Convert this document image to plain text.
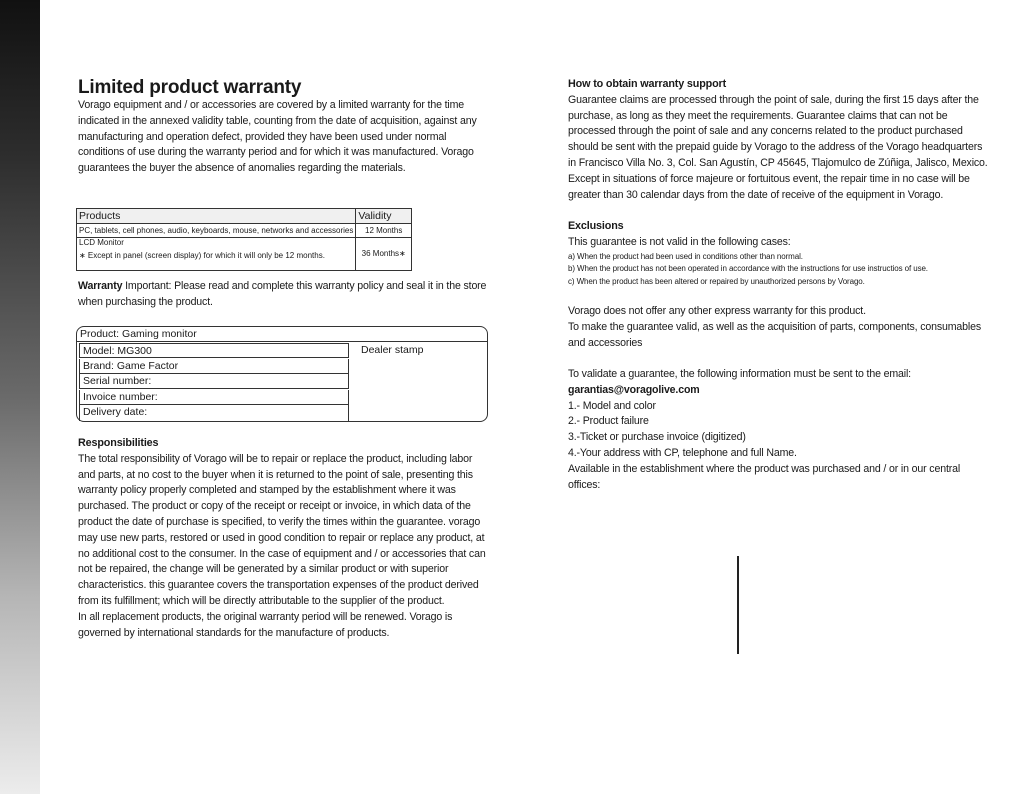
Limited product warranty

Vorago equipment and / or accessories are covered by a limited warranty for the time indicated in the annexed validity table, counting from the date of acquisition, against any manufacturing and operation defect, provided they have been used under normal conditions of use during the warranty period and for which it was manufactured. Vorago guarantees the buyer the absence of anomalies regarding the materials.

Products	Validity
PC, tablets, cell phones, audio, keyboards, mouse, networks and accessories	12 Months

LCD Monitor
∗ Except in panel (screen display) for which it will only be 12 months.	36 Months∗

Warranty Important: Please read and complete this warranty policy and seal it in the store when purchasing the product.

Product: Gaming monitor
Model: MG300
Brand: Game Factor
Serial number:
Invoice number:
Delivery date:
Dealer stamp
Responsibilities

The total responsibility of Vorago will be to repair or replace the product, including labor and parts, at no cost to the buyer when it is returned to the point of sale, presenting this warranty policy properly completed and stamped by the establishment where it was purchased. The product or copy of the receipt or receipt or invoice, in which data of the product the date of purchase is specified, to verify the times within the guarantee. vorago may use new parts, restored or used in good condition to repair or replace any product, at no additional cost to the consumer. In the case of equipment and / or accessories that can not be repaired, the change will be generated by a similar product or with superior characteristics. this guarantee covers the transportation expenses of the product derived from its fulfillment; which will be directly attributable to the supplier of the product.

In all replacement products, the original warranty period will be renewed. Vorago is governed by international standards for the manufacture of products.

How to obtain warranty support

Guarantee claims are processed through the point of sale, during the first 15 days after the purchase, as long as they meet the requirements. Guarantee claims that can not be processed through the point of sale and any concerns related to the product purchased should be sent with the prepaid guide by Vorago to the address of the Vorago headquarters in Francisco Villa No. 3, Col. San Agustín, CP 45645, Tlajomulco de Zúñiga, Jalisco, Mexico. Except in situations of force majeure or fortuitous event, the repair time in no case will be greater than 30 calendar days from the date of receive of the equipment in Vorago.

Exclusions

This guarantee is not valid in the following cases:

a) When the product had been used in conditions other than normal.
b) When the product has not been operated in accordance with the instructions for use instructios of use.
c) When the product has been altered or repaired by unauthorized persons by Vorago.

Vorago does not offer any other express warranty for this product.

To make the guarantee valid, as well as the acquisition of parts, components, consumables and accessories

To validate a guarantee, the following information must be sent to the email:

garantias@voragolive.com

1.- Model and color

2.- Product failure

3.-Ticket or purchase invoice (digitized)

4.-Your address with CP, telephone and full Name.

Available in the establishment where the product was purchased and / or in our central offices:
